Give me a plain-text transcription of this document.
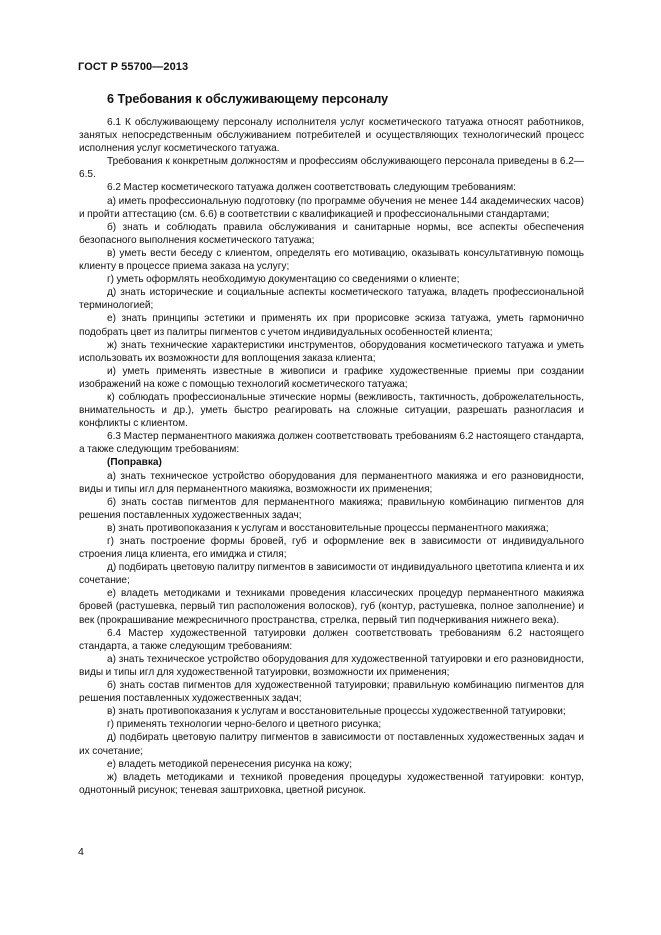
ГОСТ Р 55700—2013
6 Требования к обслуживающему персоналу

6.1 К обслуживающему персоналу исполнителя услуг косметического татуажа относят работников, занятых непосредственным обслуживанием потребителей и осуществляющих технологический процесс исполнения услуг косметического татуажа.

Требования к конкретным должностям и профессиям обслуживающего персонала приведены в 6.2—6.5.

6.2 Мастер косметического татуажа должен соответствовать следующим требованиям:

а) иметь профессиональную подготовку (по программе обучения не менее 144 академических часов) и пройти аттестацию (см. 6.6) в соответствии с квалификацией и профессиональными стандартами;

б) знать и соблюдать правила обслуживания и санитарные нормы, все аспекты обеспечения безопасного выполнения косметического татуажа;

в) уметь вести беседу с клиентом, определять его мотивацию, оказывать консультативную помощь клиенту в процессе приема заказа на услугу;

г) уметь оформлять необходимую документацию со сведениями о клиенте;

д) знать исторические и социальные аспекты косметического татуажа, владеть профессиональной терминологией;

е) знать принципы эстетики и применять их при прорисовке эскиза татуажа, уметь гармонично подобрать цвет из палитры пигментов с учетом индивидуальных особенностей клиента;

ж) знать технические характеристики инструментов, оборудования косметического татуажа и уметь использовать их возможности для воплощения заказа клиента;

и) уметь применять известные в живописи и графике художественные приемы при создании изображений на коже с помощью технологий косметического татуажа;

к) соблюдать профессиональные этические нормы (вежливость, тактичность, доброжелательность, внимательность и др.), уметь быстро реагировать на сложные ситуации, разрешать разногласия и конфликты с клиентом.

6.3 Мастер перманентного макияжа должен соответствовать требованиям 6.2 настоящего стандарта, а также следующим требованиям:

(Поправка)

а) знать техническое устройство оборудования для перманентного макияжа и его разновидности, виды и типы игл для перманентного макияжа, возможности их применения;

б) знать состав пигментов для перманентного макияжа; правильную комбинацию пигментов для решения поставленных художественных задач;

в) знать противопоказания к услугам и восстановительные процессы перманентного макияжа;

г) знать построение формы бровей, губ и оформление век в зависимости от индивидуального строения лица клиента, его имиджа и стиля;

д) подбирать цветовую палитру пигментов в зависимости от индивидуального цветотипа клиента и их сочетание;

е) владеть методиками и техниками проведения классических процедур перманентного макияжа бровей (растушевка, первый тип расположения волосков), губ (контур, растушевка, полное заполнение) и век (прокрашивание межресничного пространства, стрелка, первый тип подчеркивания нижнего века).

6.4 Мастер художественной татуировки должен соответствовать требованиям 6.2 настоящего стандарта, а также следующим требованиям:

а) знать техническое устройство оборудования для художественной татуировки и его разновидности, виды и типы игл для художественной татуировки, возможности их применения;

б) знать состав пигментов для художественной татуировки; правильную комбинацию пигментов для решения поставленных художественных задач;

в) знать противопоказания к услугам и восстановительные процессы художественной татуировки;

г) применять технологии черно-белого и цветного рисунка;

д) подбирать цветовую палитру пигментов в зависимости от поставленных художественных задач и их сочетание;

е) владеть методикой перенесения рисунка на кожу;

ж) владеть методиками и техникой проведения процедуры художественной татуировки: контур, однотонный рисунок; теневая заштриховка, цветной рисунок.

4
